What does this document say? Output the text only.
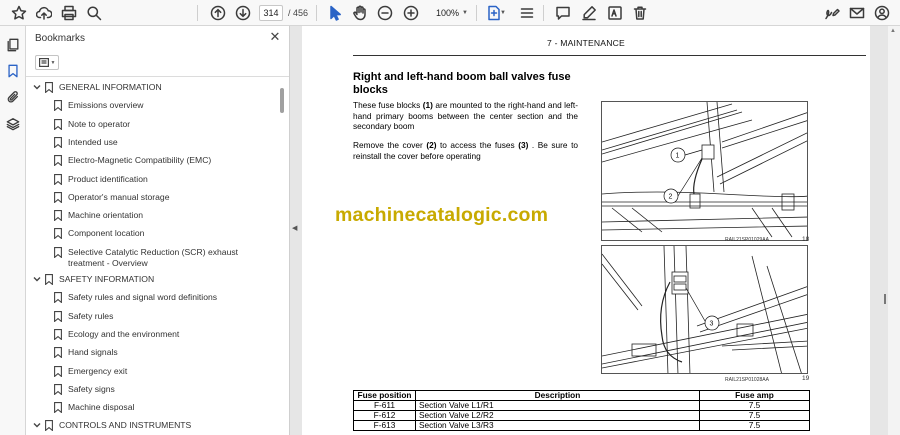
314	/ 456	100% ▼	▼
Bookmarks	✕
▼
GENERAL INFORMATION
Emissions overview
Note to operator
Intended use
Electro-Magnetic Compatibility (EMC)
Product identification
Operator's manual storage
Machine orientation
Component location
Selective Catalytic Reduction (SCR) exhaust treatment - Overview
SAFETY INFORMATION
Safety rules and signal word definitions
Safety rules
Ecology and the environment
Hand signals
Emergency exit
Safety signs
Machine disposal
CONTROLS AND INSTRUMENTS
◀
▲
7 - MAINTENANCE
Right and left-hand boom ball valves fuse blocks
These fuse blocks (1) are mounted to the right-hand and left-hand primary booms between the center section and the secondary boom
Remove the cover (2) to access the fuses (3) . Be sure to reinstall the cover before operating	1
2
RAIL21SP01029AA	18
3
RAIL21SP01028AA	19
machinecatalogic.com
Fuse position	Description	Fuse amp
F-611	Section Valve L1/R1	7.5
F-612	Section Valve L2/R2	7.5
F-613	Section Valve L3/R3	7.5
